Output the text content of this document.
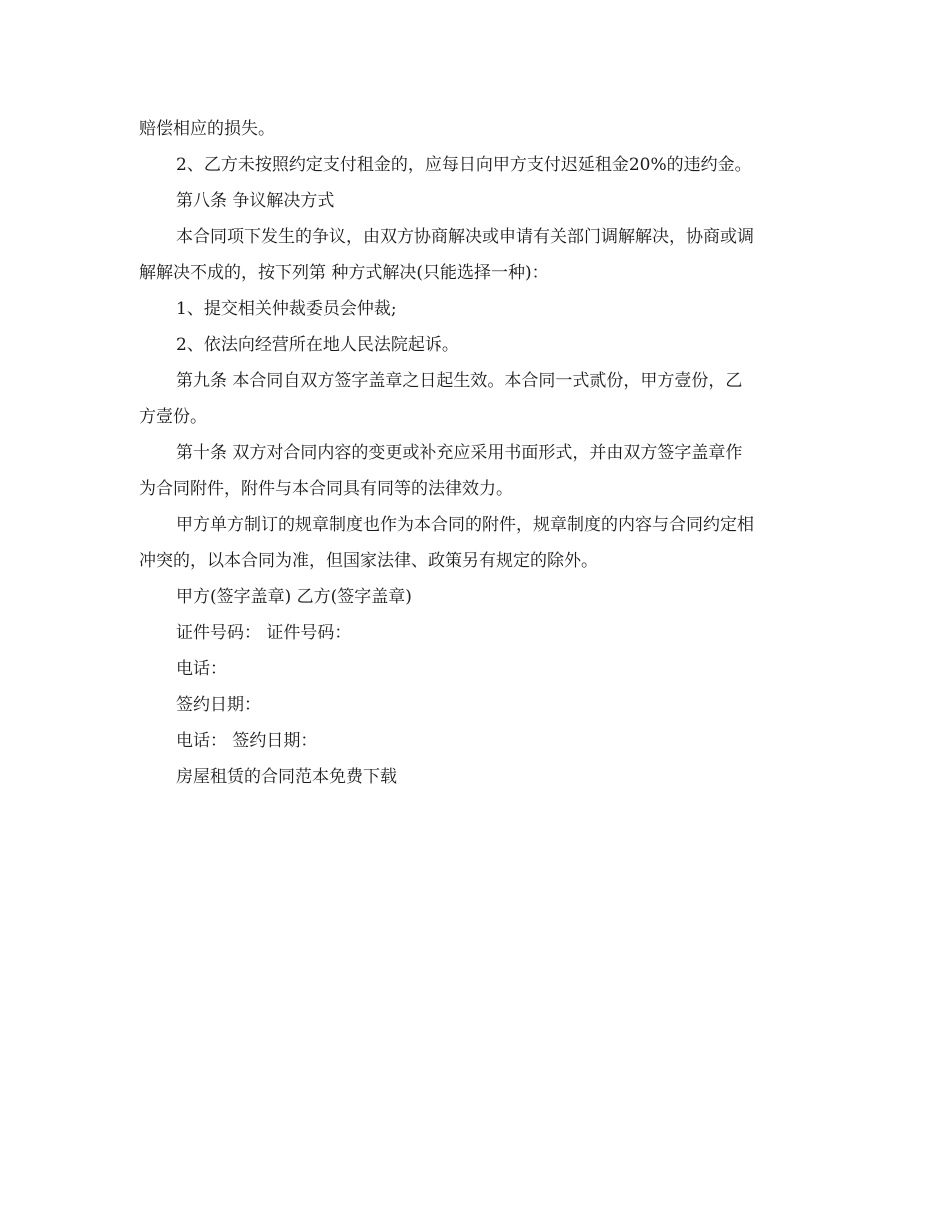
赔偿相应的损失。

2、乙方未按照约定支付租金的，应每日向甲方支付迟延租金20%的违约金。

第八条 争议解决方式

本合同项下发生的争议，由双方协商解决或申请有关部门调解解决，协商或调

解解决不成的，按下列第 种方式解决(只能选择一种)：

1、提交相关仲裁委员会仲裁;

2、依法向经营所在地人民法院起诉。

第九条 本合同自双方签字盖章之日起生效。本合同一式贰份，甲方壹份，乙

方壹份。

第十条 双方对合同内容的变更或补充应采用书面形式，并由双方签字盖章作

为合同附件，附件与本合同具有同等的法律效力。

甲方单方制订的规章制度也作为本合同的附件，规章制度的内容与合同约定相

冲突的，以本合同为准，但国家法律、政策另有规定的除外。

甲方(签字盖章) 乙方(签字盖章)

证件号码： 证件号码：

电话：

签约日期：

电话： 签约日期：

房屋租赁的合同范本免费下载
